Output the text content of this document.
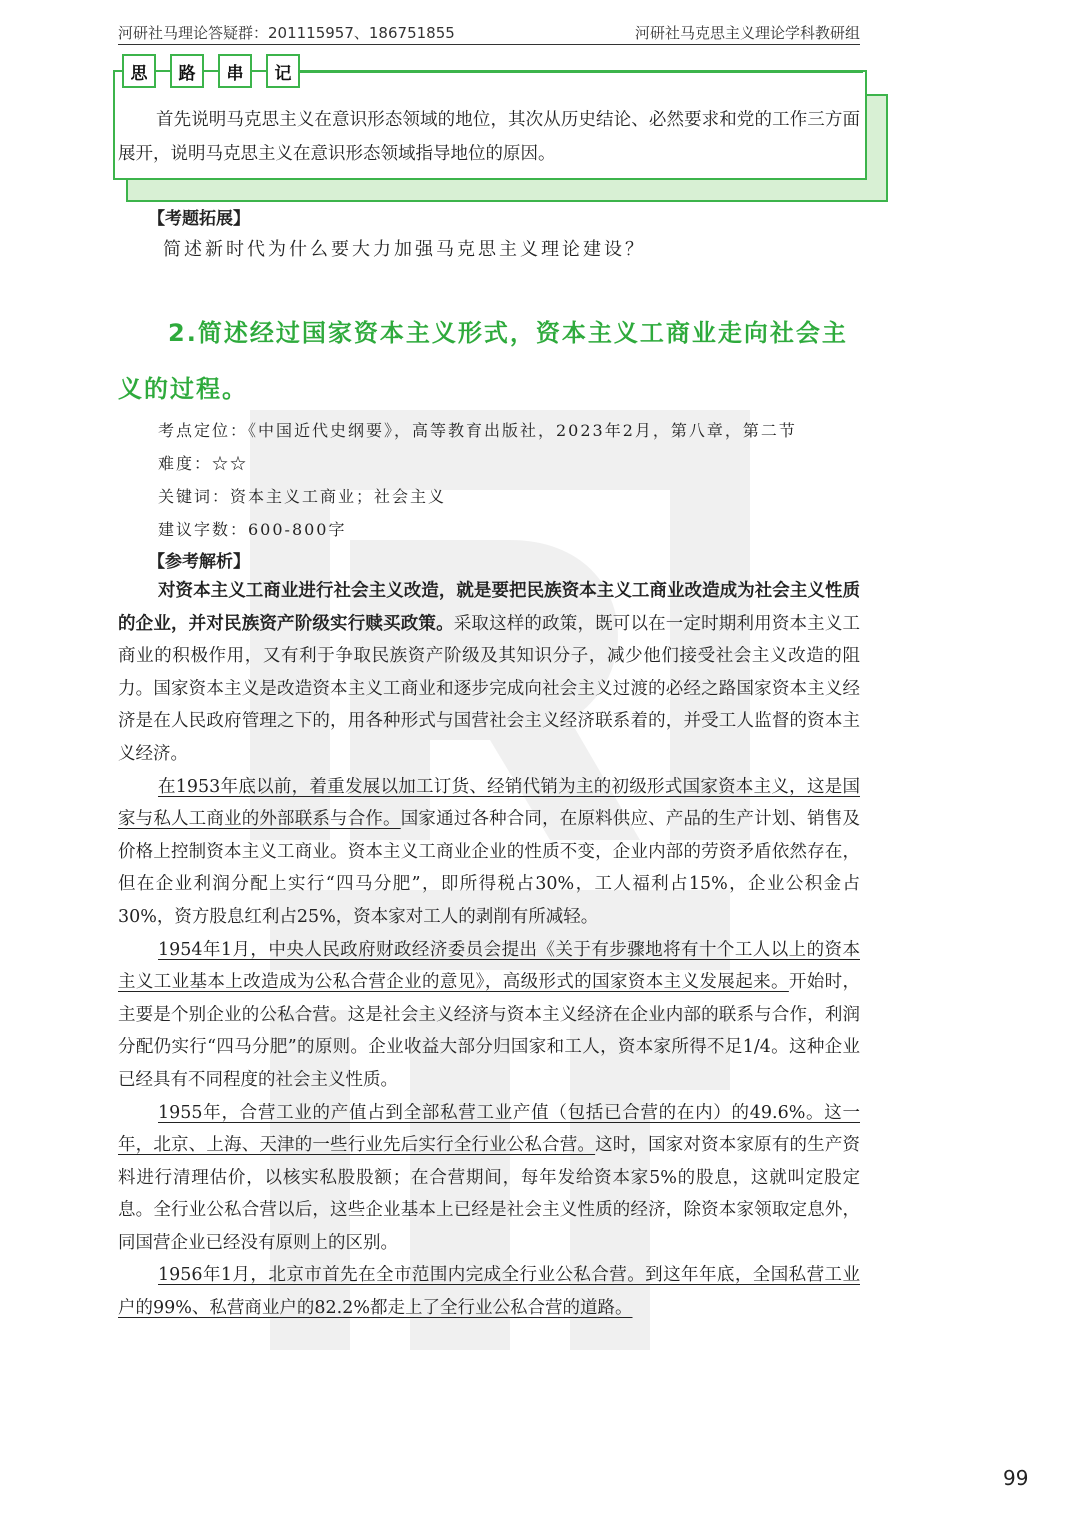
河研社马理论答疑群：201115957、186751855	河研社马克思主义理论学科教研组
思	路	串	记
首先说明马克思主义在意识形态领域的地位，其次从历史结论、必然要求和党的工作三方面展开，说明马克思主义在意识形态领域指导地位的原因。
【考题拓展】
简述新时代为什么要大力加强马克思主义理论建设？
2.简述经过国家资本主义形式，资本主义工商业走向社会主义的过程。
考点定位：《中国近代史纲要》，高等教育出版社，2023年2月，第八章，第二节
难度：☆☆
关键词：资本主义工商业；社会主义
建议字数：600-800字
【参考解析】

对资本主义工商业进行社会主义改造，就是要把民族资本主义工商业改造成为社会主义性质的企业，并对民族资产阶级实行赎买政策。采取这样的政策，既可以在一定时期利用资本主义工商业的积极作用，又有利于争取民族资产阶级及其知识分子，减少他们接受社会主义改造的阻力。国家资本主义是改造资本主义工商业和逐步完成向社会主义过渡的必经之路国家资本主义经济是在人民政府管理之下的，用各种形式与国营社会主义经济联系着的，并受工人监督的资本主义经济。

在1953年底以前，着重发展以加工订货、经销代销为主的初级形式国家资本主义，这是国家与私人工商业的外部联系与合作。国家通过各种合同，在原料供应、产品的生产计划、销售及价格上控制资本主义工商业。资本主义工商业企业的性质不变，企业内部的劳资矛盾依然存在，但在企业利润分配上实行“四马分肥”，即所得税占30%，工人福利占15%，企业公积金占30%，资方股息红利占25%，资本家对工人的剥削有所减轻。

1954年1月，中央人民政府财政经济委员会提出《关于有步骤地将有十个工人以上的资本主义工业基本上改造成为公私合营企业的意见》，高级形式的国家资本主义发展起来。开始时，主要是个别企业的公私合营。这是社会主义经济与资本主义经济在企业内部的联系与合作，利润分配仍实行“四马分肥”的原则。企业收益大部分归国家和工人，资本家所得不足1/4。这种企业已经具有不同程度的社会主义性质。

1955年，合营工业的产值占到全部私营工业产值（包括已合营的在内）的49.6%。这一年，北京、上海、天津的一些行业先后实行全行业公私合营。这时，国家对资本家原有的生产资料进行清理估价，以核实私股股额；在合营期间，每年发给资本家5%的股息，这就叫定股定息。全行业公私合营以后，这些企业基本上已经是社会主义性质的经济，除资本家领取定息外，同国营企业已经没有原则上的区别。

1956年1月，北京市首先在全市范围内完成全行业公私合营。到这年年底，全国私营工业户的99%、私营商业户的82.2%都走上了全行业公私合营的道路。

99
